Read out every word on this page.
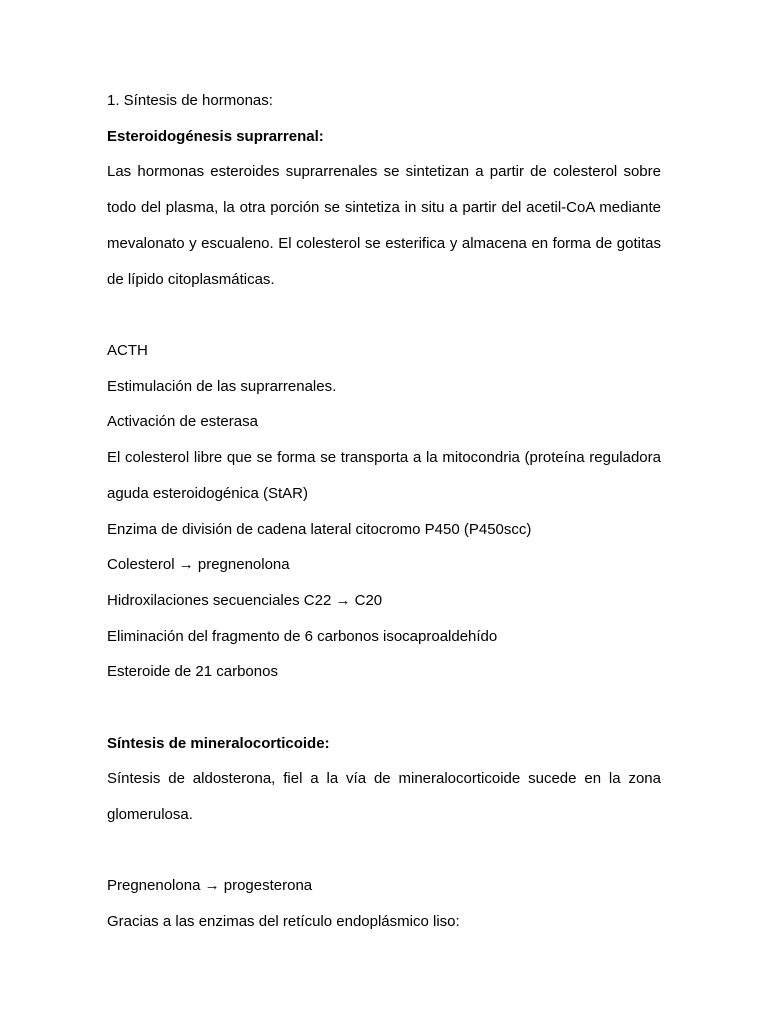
1. Síntesis de hormonas:
Esteroidogénesis suprarrenal:
Las hormonas esteroides suprarrenales se sintetizan a partir de colesterol sobre
todo del plasma, la otra porción se sintetiza in situ a partir del acetil-CoA mediante
mevalonato y escualeno. El colesterol se esterifica y almacena en forma de gotitas
de lípido citoplasmáticas.
ACTH
Estimulación de las suprarrenales.
Activación de esterasa
El colesterol libre que se forma se transporta a la mitocondria (proteína reguladora
aguda esteroidogénica (StAR)
Enzima de división de cadena lateral citocromo P450 (P450scc)
Colesterol → pregnenolona
Hidroxilaciones secuenciales C22 → C20
Eliminación del fragmento de 6 carbonos isocaproaldehído
Esteroide de 21 carbonos
Síntesis de mineralocorticoide:
Síntesis de aldosterona, fiel a la vía de mineralocorticoide sucede en la zona
glomerulosa.
Pregnenolona → progesterona
Gracias a las enzimas del retículo endoplásmico liso:
